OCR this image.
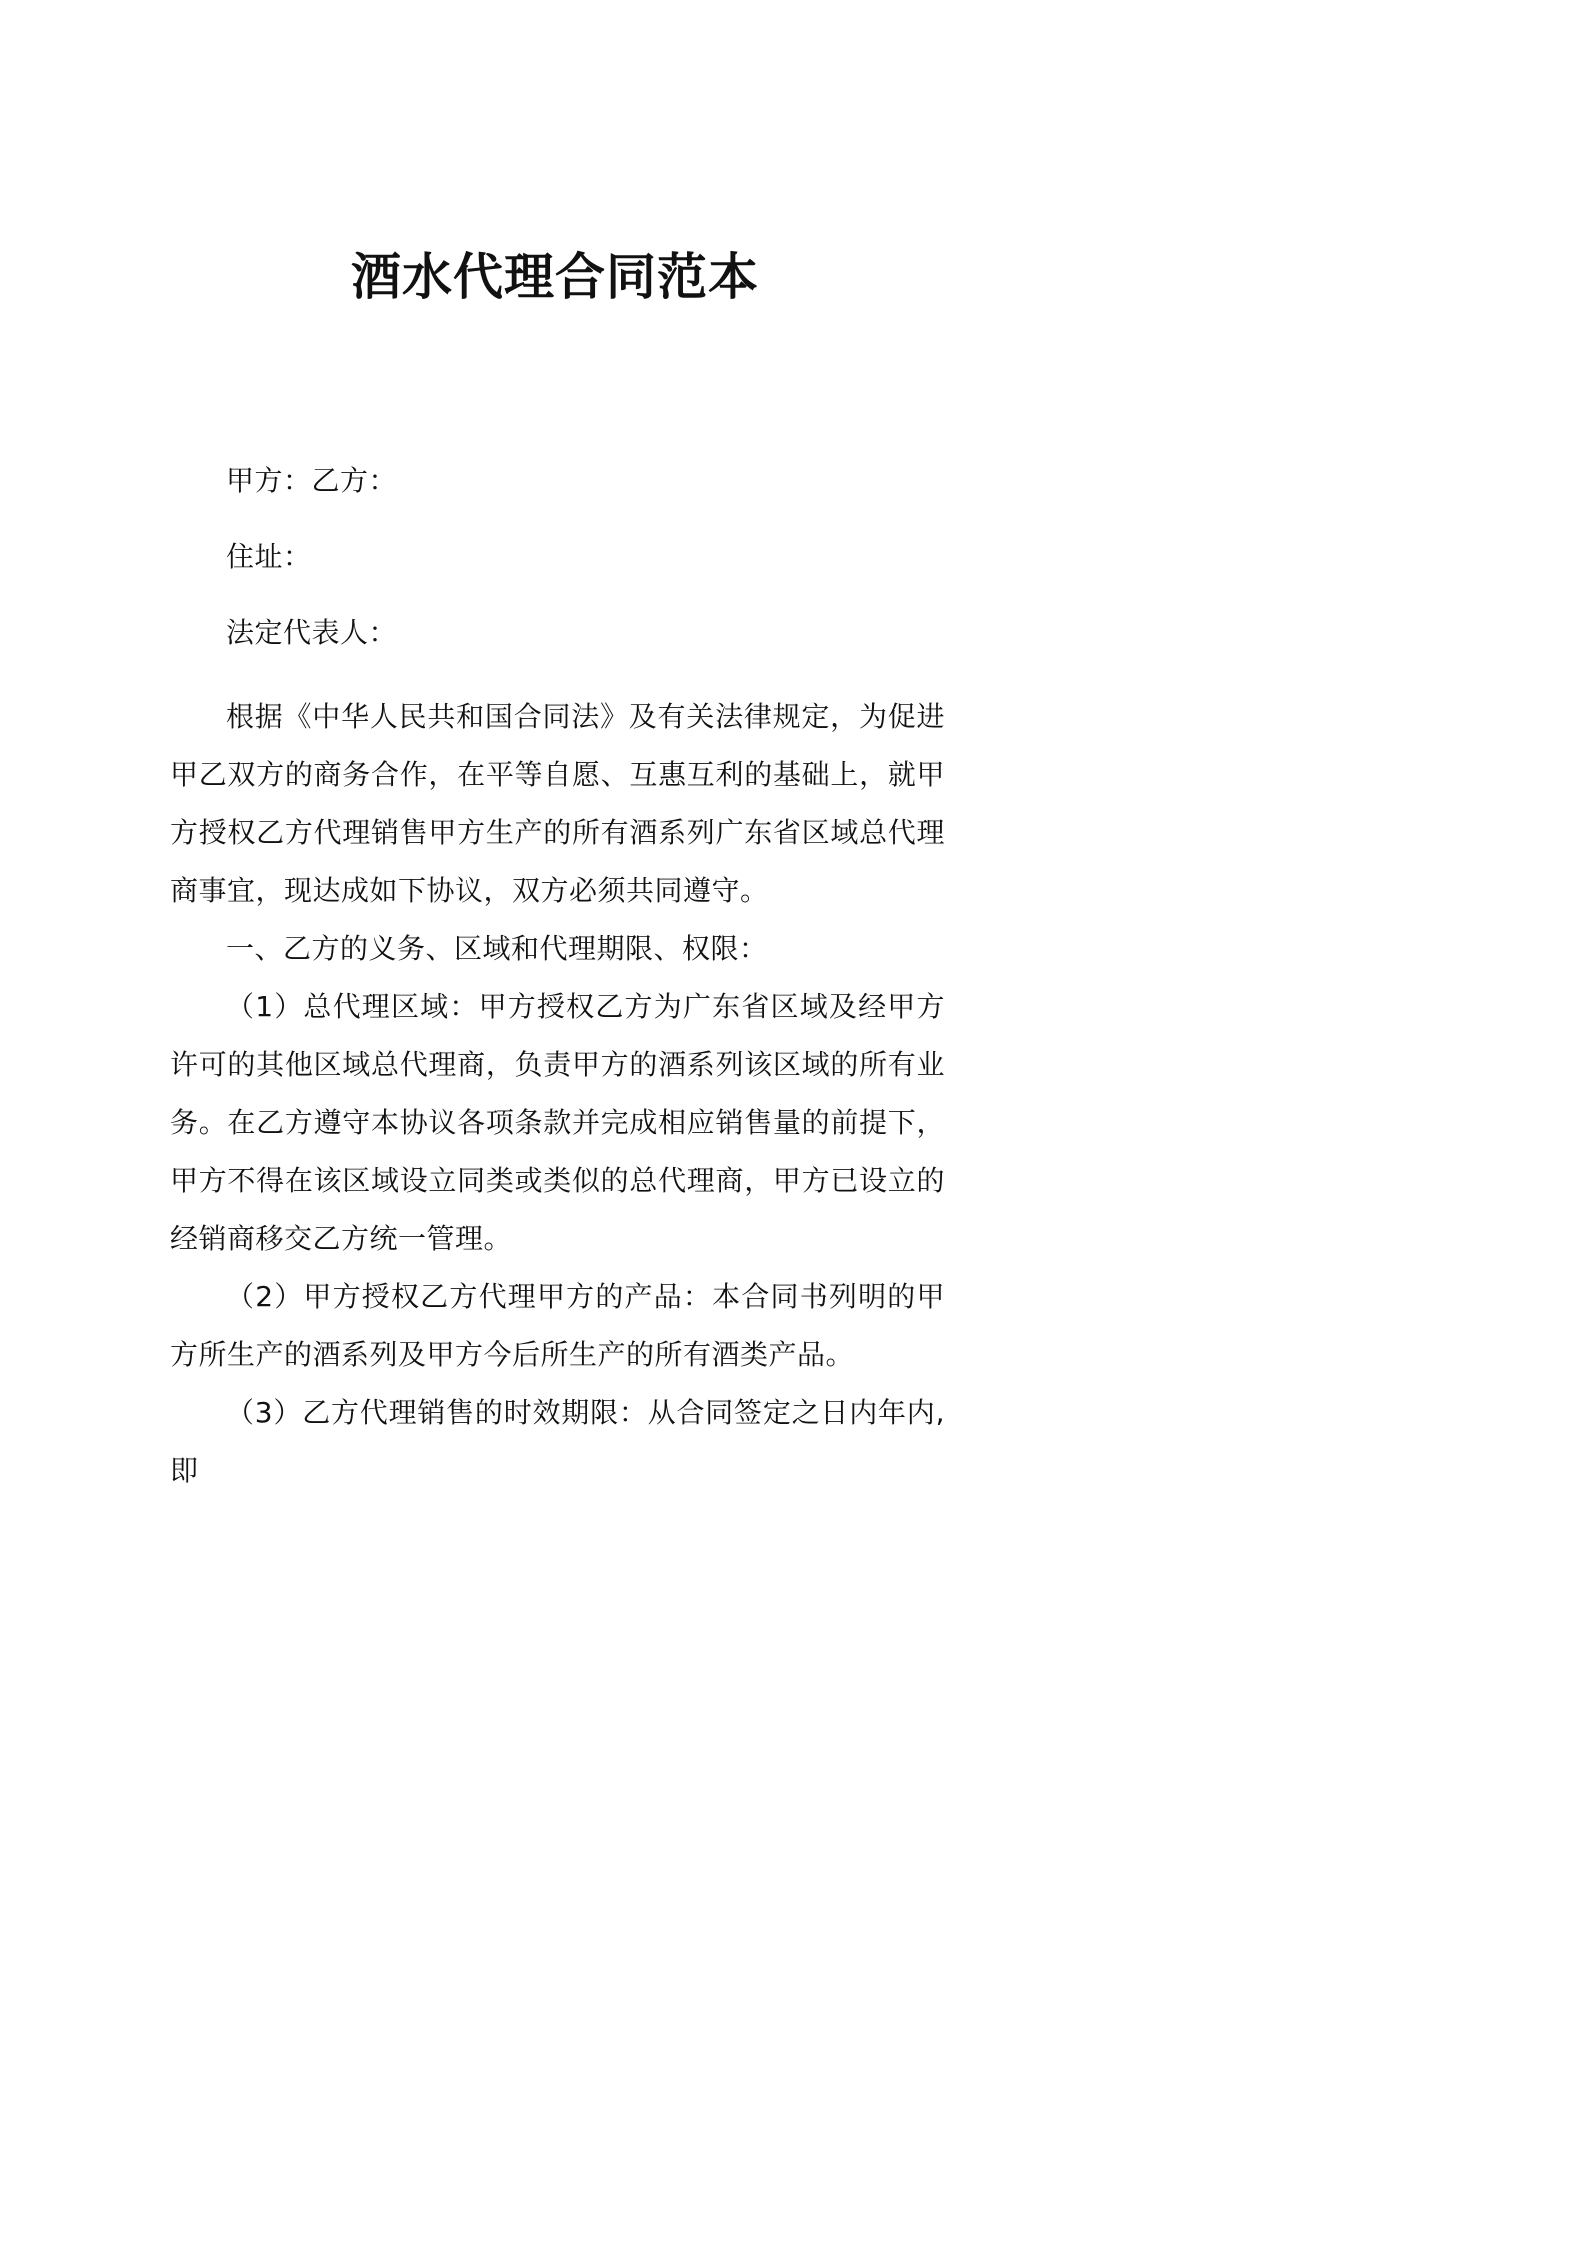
酒水代理合同范本

甲方：乙方：

住址：

法定代表人：

根据《中华人民共和国合同法》及有关法律规定，为促进甲乙双方的商务合作，在平等自愿、互惠互利的基础上，就甲方授权乙方代理销售甲方生产的所有酒系列广东省区域总代理商事宜，现达成如下协议，双方必须共同遵守。

一、乙方的义务、区域和代理期限、权限：

（1）总代理区域：甲方授权乙方为广东省区域及经甲方许可的其他区域总代理商，负责甲方的酒系列该区域的所有业务。在乙方遵守本协议各项条款并完成相应销售量的前提下，甲方不得在该区域设立同类或类似的总代理商，甲方已设立的经销商移交乙方统一管理。

（2）甲方授权乙方代理甲方的产品：本合同书列明的甲方所生产的酒系列及甲方今后所生产的所有酒类产品。

（3）乙方代理销售的时效期限：从合同签定之日内年内,即
